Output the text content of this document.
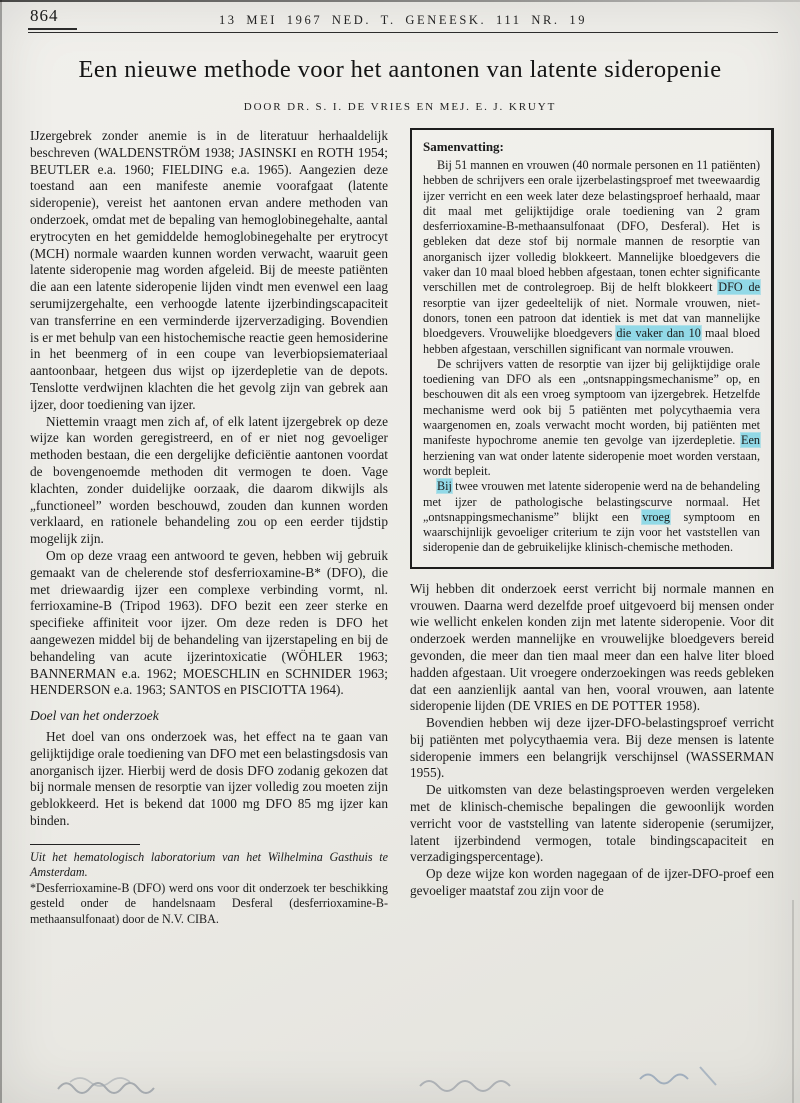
864	13 MEI 1967 NED. T. GENEESK. 111 NR. 19
Een nieuwe methode voor het aantonen van latente sideropenie
DOOR DR. S. I. DE VRIES EN MEJ. E. J. KRUYT

IJzergebrek zonder anemie is in de literatuur herhaaldelijk beschreven (WALDENSTRÖM 1938; JASINSKI en ROTH 1954; BEUTLER e.a. 1960; FIELDING e.a. 1965). Aangezien deze toestand aan een manifeste anemie voorafgaat (latente sideropenie), vereist het aantonen ervan andere methoden van onderzoek, omdat met de bepaling van hemoglobinegehalte, aantal erytrocyten en het gemiddelde hemoglobinegehalte per erytrocyt (MCH) normale waarden kunnen worden verwacht, waaruit geen latente sideropenie mag worden afgeleid. Bij de meeste patiënten die aan een latente sideropenie lijden vindt men evenwel een laag serumijzergehalte, een verhoogde latente ijzerbindingscapaciteit van transferrine en een verminderde ijzerverzadiging. Bovendien is er met behulp van een histochemische reactie geen hemosiderine in het beenmerg of in een coupe van leverbiopsiemateriaal aantoonbaar, hetgeen dus wijst op ijzerdepletie van de depots. Tenslotte verdwijnen klachten die het gevolg zijn van gebrek aan ijzer, door toediening van ijzer.

Niettemin vraagt men zich af, of elk latent ijzergebrek op deze wijze kan worden geregistreerd, en of er niet nog gevoeliger methoden bestaan, die een dergelijke deficiëntie aantonen voordat de bovengenoemde methoden dit vermogen te doen. Vage klachten, zonder duidelijke oorzaak, die daarom dikwijls als „functioneel” worden beschouwd, zouden dan kunnen worden verklaard, en rationele behandeling zou op een eerder tijdstip mogelijk zijn.

Om op deze vraag een antwoord te geven, hebben wij gebruik gemaakt van de chelerende stof desferrioxamine-B* (DFO), die met driewaardig ijzer een complexe verbinding vormt, nl. ferrioxamine-B (Tripod 1963). DFO bezit een zeer sterke en specifieke affiniteit voor ijzer. Om deze reden is DFO het aangewezen middel bij de behandeling van ijzerstapeling en bij de behandeling van acute ijzerintoxicatie (WÖHLER 1963; BANNERMAN e.a. 1962; MOESCHLIN en SCHNIDER 1963; HENDERSON e.a. 1963; SANTOS en PISCIOTTA 1964).

Doel van het onderzoek

Het doel van ons onderzoek was, het effect na te gaan van gelijktijdige orale toediening van DFO met een belastingsdosis van anorganisch ijzer. Hierbij werd de dosis DFO zodanig gekozen dat bij normale mensen de resorptie van ijzer volledig zou moeten zijn geblokkeerd. Het is bekend dat 1000 mg DFO 85 mg ijzer kan binden.

Uit het hematologisch laboratorium van het Wilhelmina Gasthuis te Amsterdam.

*Desferrioxamine-B (DFO) werd ons voor dit onderzoek ter beschikking gesteld onder de handelsnaam Desferal (desferrioxamine-B-methaansulfonaat) door de N.V. CIBA.

Samenvatting:

Bij 51 mannen en vrouwen (40 normale personen en 11 patiënten) hebben de schrijvers een orale ijzerbelastingsproef met tweewaardig ijzer verricht en een week later deze belastingsproef herhaald, maar dit maal met gelijktijdige orale toediening van 2 gram desferrioxamine-B-methaansulfonaat (DFO, Desferal). Het is gebleken dat deze stof bij normale mannen de resorptie van anorganisch ijzer volledig blokkeert. Mannelijke bloedgevers die vaker dan 10 maal bloed hebben afgestaan, tonen echter significante verschillen met de controlegroep. Bij de helft blokkeert DFO de resorptie van ijzer gedeeltelijk of niet. Normale vrouwen, niet-donors, tonen een patroon dat identiek is met dat van mannelijke bloedgevers. Vrouwelijke bloedgevers die vaker dan 10 maal bloed hebben afgestaan, verschillen significant van normale vrouwen.

De schrijvers vatten de resorptie van ijzer bij gelijktijdige orale toediening van DFO als een „ontsnappingsmechanisme” op, en beschouwen dit als een vroeg symptoom van ijzergebrek. Hetzelfde mechanisme werd ook bij 5 patiënten met polycythaemia vera waargenomen en, zoals verwacht mocht worden, bij patiënten met manifeste hypochrome anemie ten gevolge van ijzerdepletie. Een herziening van wat onder latente sideropenie moet worden verstaan, wordt bepleit.

Bij twee vrouwen met latente sideropenie werd na de behandeling met ijzer de pathologische belastingscurve normaal. Het „ontsnappingsmechanisme” blijkt een vroeg symptoom en waarschijnlijk gevoeliger criterium te zijn voor het vaststellen van sideropenie dan de gebruikelijke klinisch-chemische methoden.

Wij hebben dit onderzoek eerst verricht bij normale mannen en vrouwen. Daarna werd dezelfde proef uitgevoerd bij mensen onder wie wellicht enkelen konden zijn met latente sideropenie. Voor dit onderzoek werden mannelijke en vrouwelijke bloedgevers bereid gevonden, die meer dan tien maal meer dan een halve liter bloed hadden afgestaan. Uit vroegere onderzoekingen was reeds gebleken dat een aanzienlijk aantal van hen, vooral vrouwen, aan latente sideropenie lijden (DE VRIES en DE POTTER 1958).

Bovendien hebben wij deze ijzer-DFO-belastingsproef verricht bij patiënten met polycythaemia vera. Bij deze mensen is latente sideropenie immers een belangrijk verschijnsel (WASSERMAN 1955).

De uitkomsten van deze belastingsproeven werden vergeleken met de klinisch-chemische bepalingen die gewoonlijk worden verricht voor de vaststelling van latente sideropenie (serumijzer, latent ijzerbindend vermogen, totale bindingscapaciteit en verzadigingspercentage).

Op deze wijze kon worden nagegaan of de ijzer-DFO-proef een gevoeliger maatstaf zou zijn voor de
